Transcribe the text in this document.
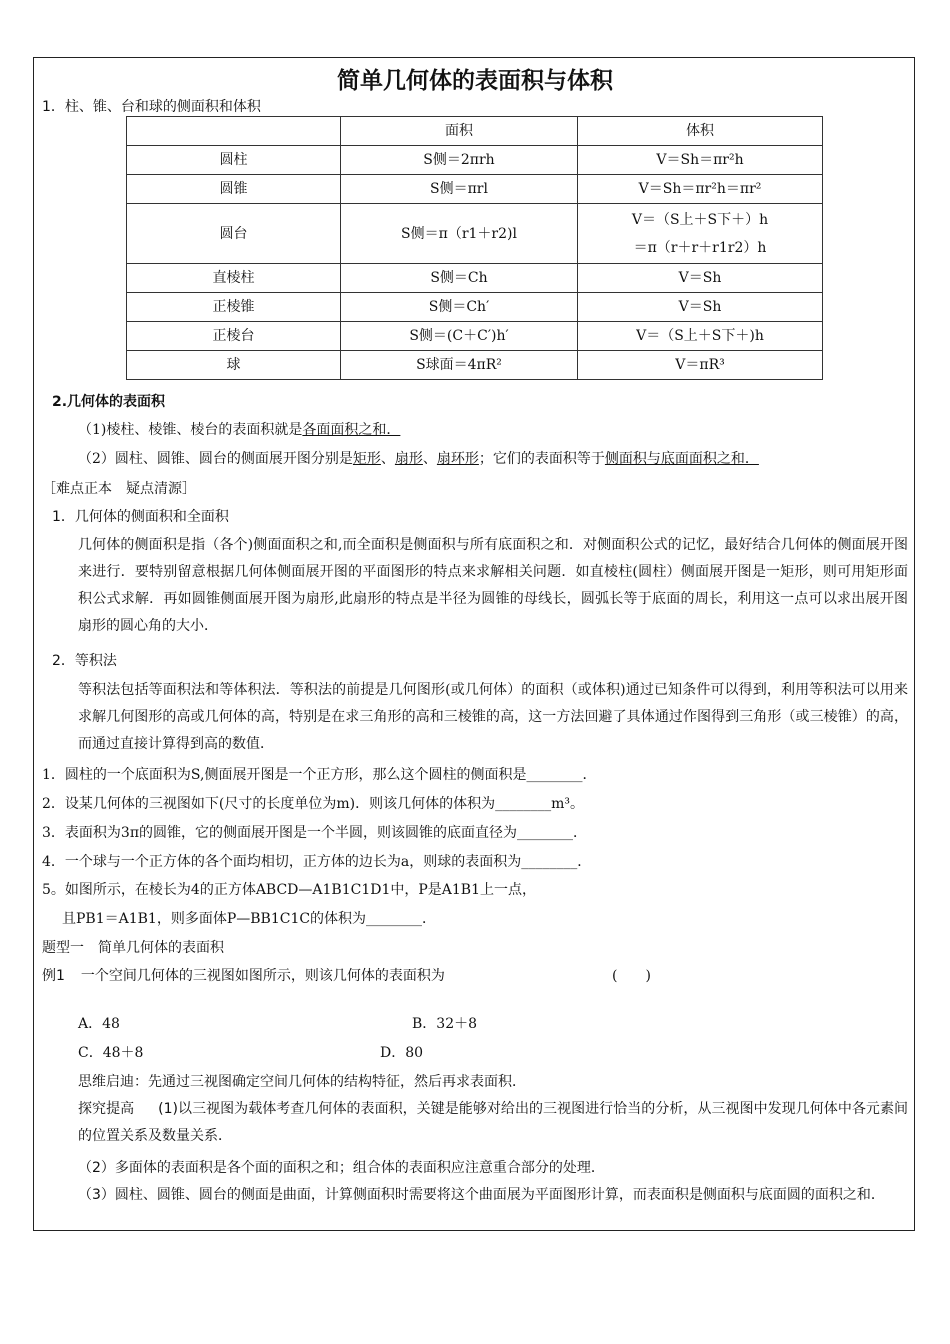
简单几何体的表面积与体积
1．柱、锥、台和球的侧面积和体积
	面积	体积
圆柱	S侧＝2πrh	V＝Sh＝πr²h
圆锥	S侧＝πrl	V＝Sh＝πr²h＝πr²
圆台	S侧＝π（r1＋r2)l	V＝（S上＋S下＋）h
＝π（r＋r＋r1r2）h

直棱柱	S侧＝Ch	V＝Sh
正棱锥	S侧＝Ch′	V＝Sh
正棱台	S侧＝(C＋C′)h′	V＝（S上＋S下＋)h
球	S球面＝4πR²	V＝πR³
2.几何体的表面积
（1)棱柱、棱锥、棱台的表面积就是各面面积之和．
（2）圆柱、圆锥、圆台的侧面展开图分别是矩形、扇形、扇环形；它们的表面积等于侧面积与底面面积之和．
［难点正本　疑点清源］
1．几何体的侧面积和全面积
几何体的侧面积是指（各个)侧面面积之和,而全面积是侧面积与所有底面积之和．对侧面积公式的记忆，最好结合几何体的侧面展开图来进行．要特别留意根据几何体侧面展开图的平面图形的特点来求解相关问题．如直棱柱(圆柱）侧面展开图是一矩形，则可用矩形面积公式求解．再如圆锥侧面展开图为扇形,此扇形的特点是半径为圆锥的母线长，圆弧长等于底面的周长，利用这一点可以求出展开图扇形的圆心角的大小．
2．等积法
等积法包括等面积法和等体积法．等积法的前提是几何图形(或几何体）的面积（或体积)通过已知条件可以得到，利用等积法可以用来求解几何图形的高或几何体的高，特别是在求三角形的高和三棱锥的高，这一方法回避了具体通过作图得到三角形（或三棱锥）的高，而通过直接计算得到高的数值．
1．圆柱的一个底面积为S,侧面展开图是一个正方形，那么这个圆柱的侧面积是________．
2．设某几何体的三视图如下(尺寸的长度单位为m)．则该几何体的体积为________m³。
3．表面积为3π的圆锥，它的侧面展开图是一个半圆，则该圆锥的底面直径为________．
4．一个球与一个正方体的各个面均相切，正方体的边长为a，则球的表面积为________．
5。如图所示，在棱长为4的正方体ABCD—A1B1C1D1中，P是A1B1上一点，
且PB1＝A1B1，则多面体P—BB1C1C的体积为________．
题型一　简单几何体的表面积
例1 一个空间几何体的三视图如图所示，则该几何体的表面积为	(　　)
A．48	B．32＋8
C．48＋8	D．80
思维启迪：先通过三视图确定空间几何体的结构特征，然后再求表面积．
探究提高 (1)以三视图为载体考查几何体的表面积，关键是能够对给出的三视图进行恰当的分析，从三视图中发现几何体中各元素间的位置关系及数量关系．
（2）多面体的表面积是各个面的面积之和；组合体的表面积应注意重合部分的处理．
（3）圆柱、圆锥、圆台的侧面是曲面，计算侧面积时需要将这个曲面展为平面图形计算，而表面积是侧面积与底面圆的面积之和．
